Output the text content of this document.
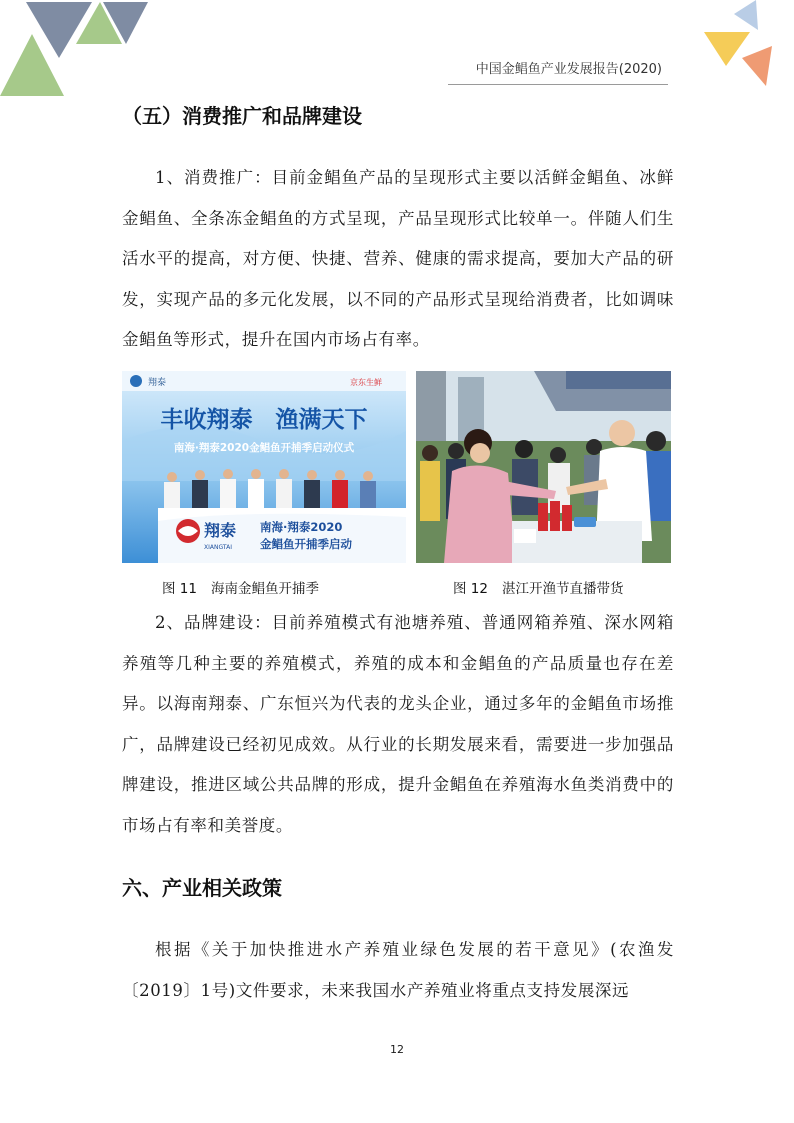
中国金鲳鱼产业发展报告(2020)
（五）消费推广和品牌建设

1、消费推广：目前金鲳鱼产品的呈现形式主要以活鲜金鲳鱼、冰鲜金鲳鱼、全条冻金鲳鱼的方式呈现，产品呈现形式比较单一。伴随人们生活水平的提高，对方便、快捷、营养、健康的需求提高，要加大产品的研发，实现产品的多元化发展，以不同的产品形式呈现给消费者，比如调味金鲳鱼等形式，提升在国内市场占有率。

翔泰	京东生鲜
丰收翔泰　渔满天下
南海·翔泰2020金鲳鱼开捕季启动仪式
翔泰
XIANGTAI
南海·翔泰2020
金鲳鱼开捕季启动
图 11 海南金鲳鱼开捕季	图 12 湛江开渔节直播带货

2、品牌建设：目前养殖模式有池塘养殖、普通网箱养殖、深水网箱养殖等几种主要的养殖模式，养殖的成本和金鲳鱼的产品质量也存在差异。以海南翔泰、广东恒兴为代表的龙头企业，通过多年的金鲳鱼市场推广，品牌建设已经初见成效。从行业的长期发展来看，需要进一步加强品牌建设，推进区域公共品牌的形成，提升金鲳鱼在养殖海水鱼类消费中的市场占有率和美誉度。

六、产业相关政策

根据《关于加快推进水产养殖业绿色发展的若干意见》(农渔发〔2019〕1号)文件要求，未来我国水产养殖业将重点支持发展深远

12
